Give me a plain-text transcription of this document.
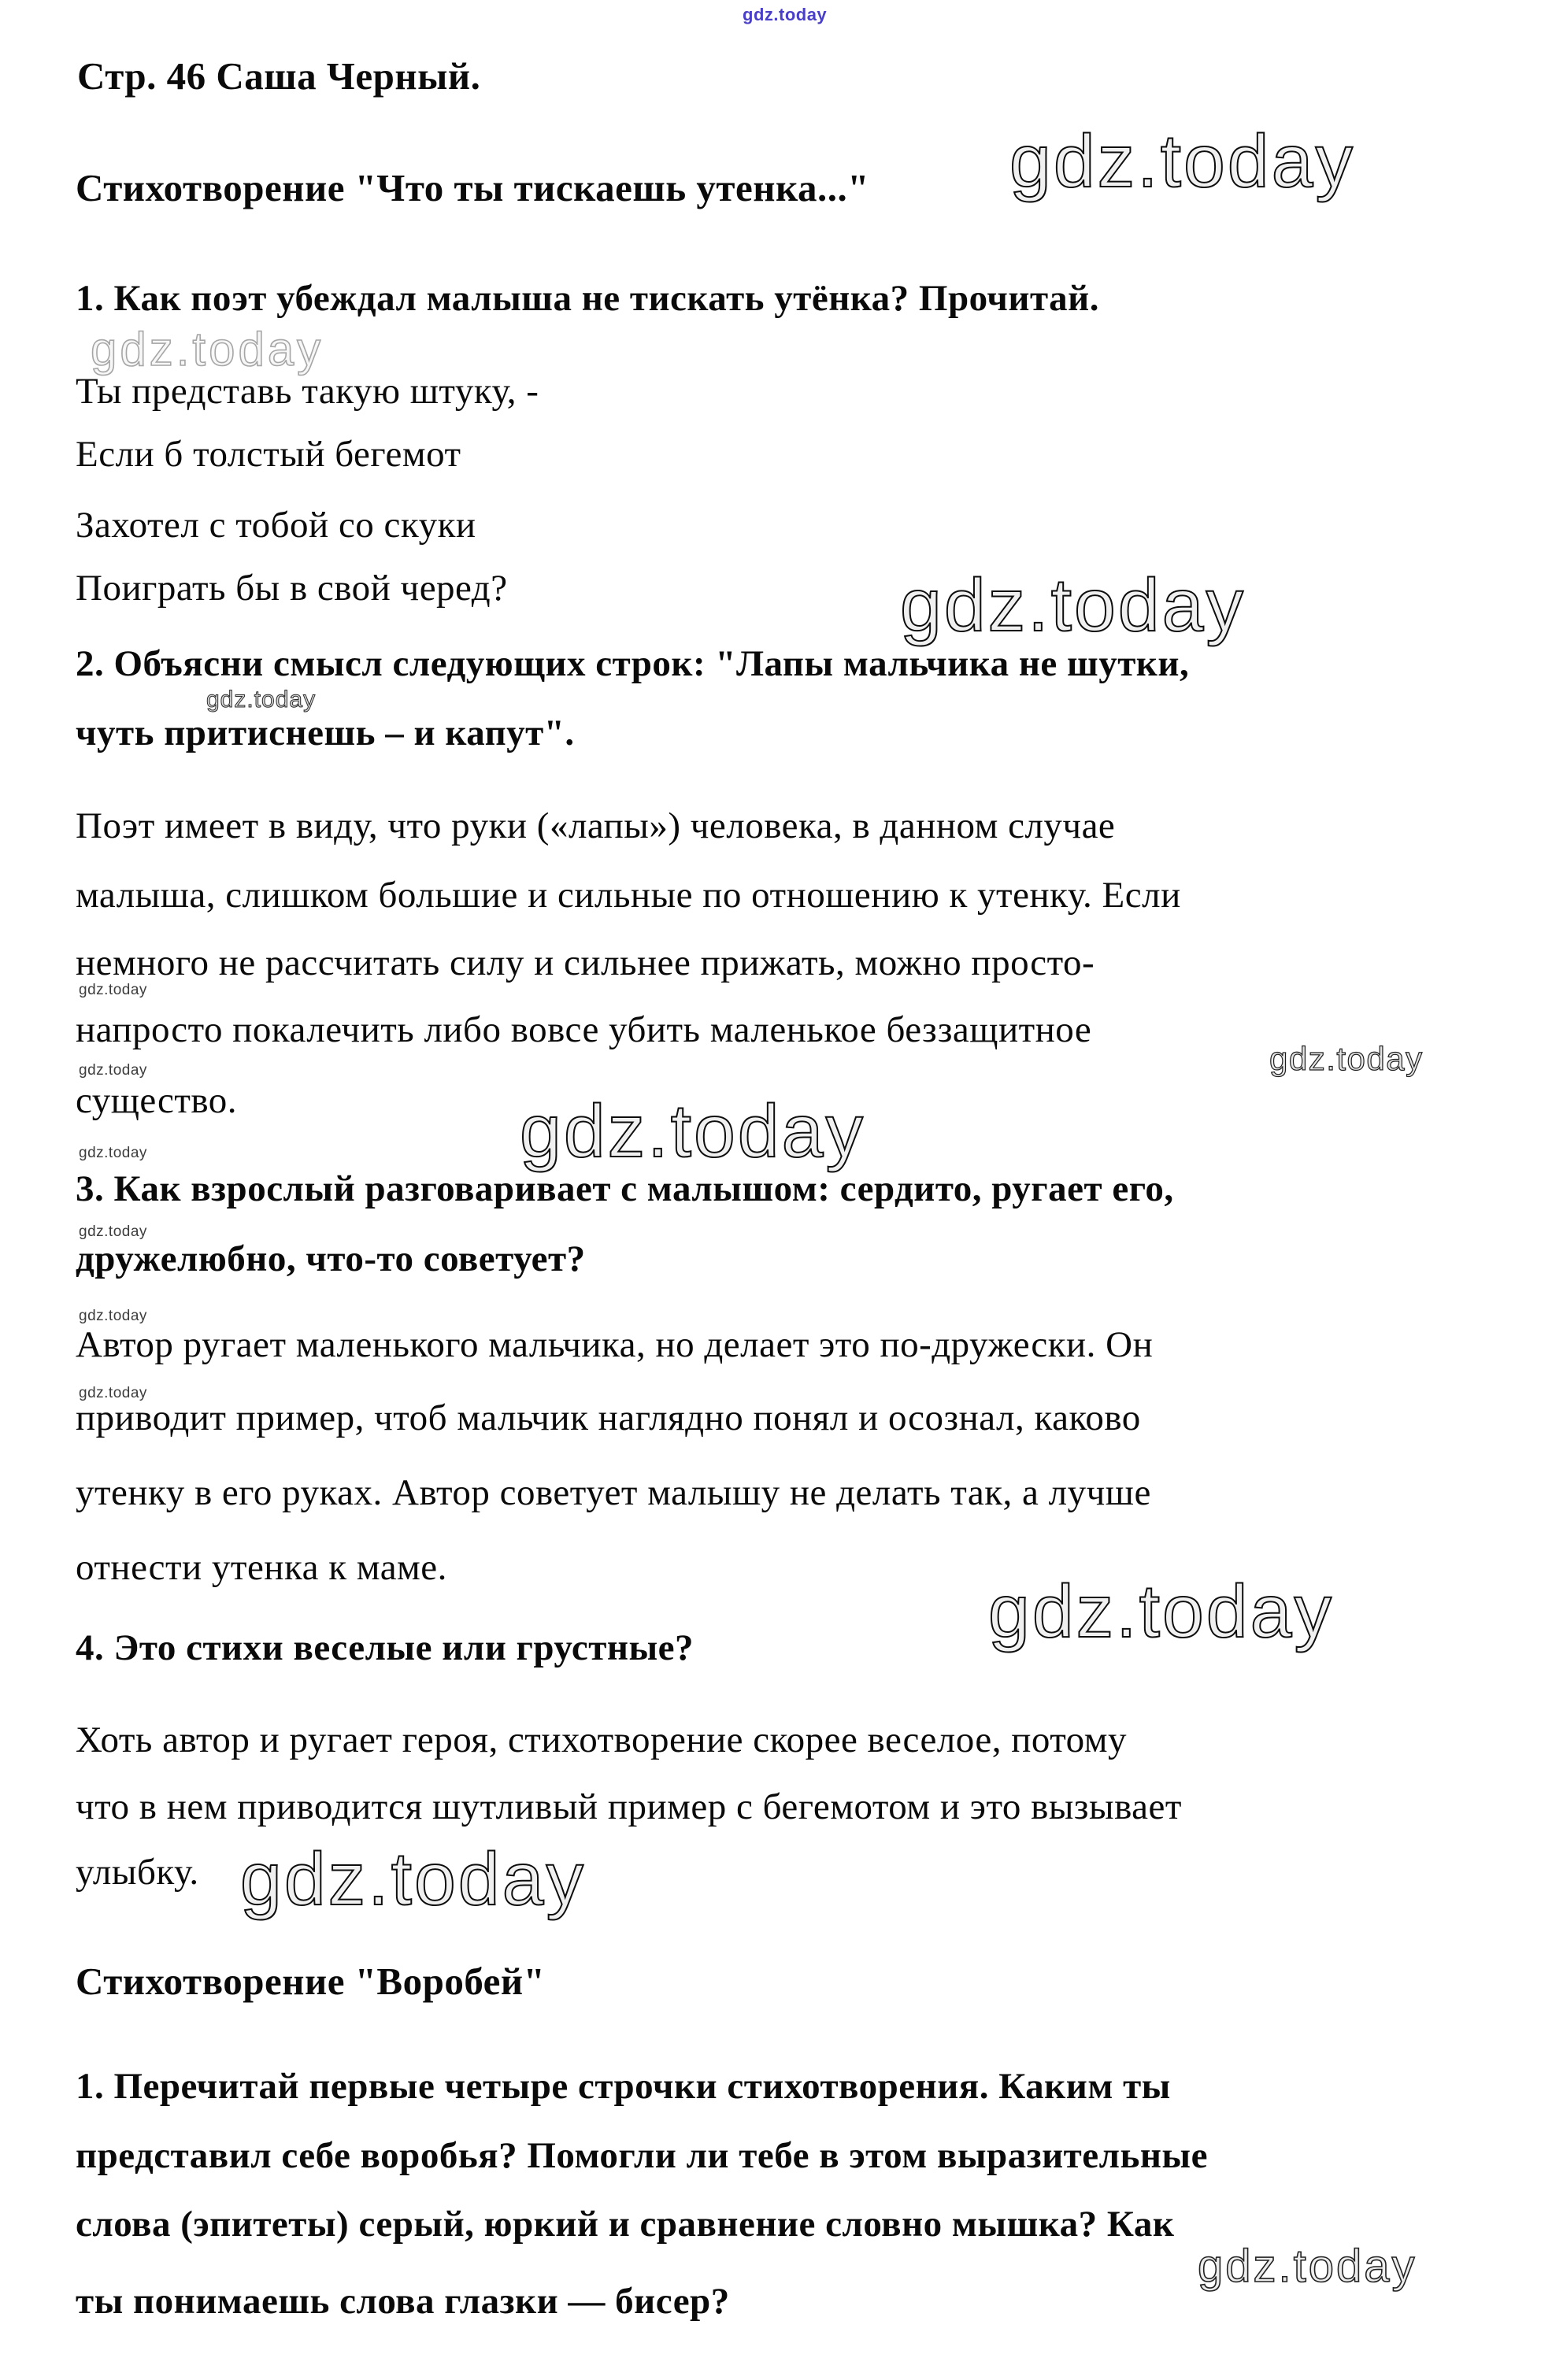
gdz.today
Стр. 46 Саша Черный.
gdz.today
Стихотворение "Что ты тискаешь утенка..."
1. Как поэт убеждал малыша не тискать утёнка? Прочитай.
gdz.today
Ты представь такую штуку, -
Если б толстый бегемот
Захотел с тобой со скуки
Поиграть бы в свой черед?	gdz.today
2. Объясни смысл следующих строк: "Лапы мальчика не шутки,
gdz.today
чуть притиснешь – и капут".
Поэт имеет в виду, что руки («лапы») человека, в данном случае
малыша, слишком большие и сильные по отношению к утенку. Если
немного не рассчитать силу и сильнее прижать, можно просто-
gdz.today
напросто покалечить либо вовсе убить маленькое беззащитное
gdz.today
gdz.today
существо.	gdz.today
gdz.today
3. Как взрослый разговаривает с малышом: сердито, ругает его,
gdz.today
дружелюбно, что-то советует?
gdz.today
Автор ругает маленького мальчика, но делает это по-дружески. Он
gdz.today
приводит пример, чтоб мальчик наглядно понял и осознал, каково
утенку в его руках. Автор советует малышу не делать так, а лучше
отнести утенка к маме.
gdz.today
4. Это стихи веселые или грустные?
Хоть автор и ругает героя, стихотворение скорее веселое, потому
что в нем приводится шутливый пример с бегемотом и это вызывает
улыбку. gdz.today
Стихотворение "Воробей"
1. Перечитай первые четыре строчки стихотворения. Каким ты
представил себе воробья? Помогли ли тебе в этом выразительные
слова (эпитеты) серый, юркий и сравнение словно мышка? Как
gdz.today
ты понимаешь слова глазки — бисер?
